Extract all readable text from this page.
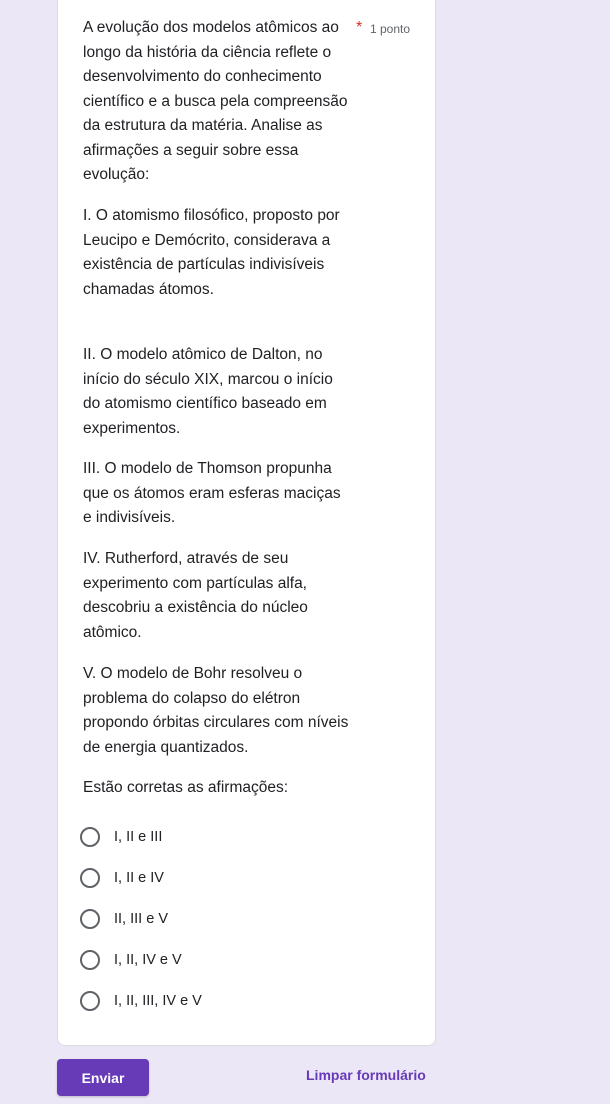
A evolução dos modelos atômicos ao longo da história da ciência reflete o desenvolvimento do conhecimento científico e a busca pela compreensão da estrutura da matéria. Analise as afirmações a seguir sobre essa evolução:
* 1 ponto

I. O atomismo filosófico, proposto por Leucipo e Demócrito, considerava a existência de partículas indivisíveis chamadas átomos.

II. O modelo atômico de Dalton, no início do século XIX, marcou o início do atomismo científico baseado em experimentos.

III. O modelo de Thomson propunha que os átomos eram esferas maciças e indivisíveis.

IV. Rutherford, através de seu experimento com partículas alfa, descobriu a existência do núcleo atômico.

V. O modelo de Bohr resolveu o problema do colapso do elétron propondo órbitas circulares com níveis de energia quantizados.

Estão corretas as afirmações:

I, II e III
I, II e IV
II, III e V
I, II, IV e V
I, II, III, IV e V
Enviar	Limpar formulário
